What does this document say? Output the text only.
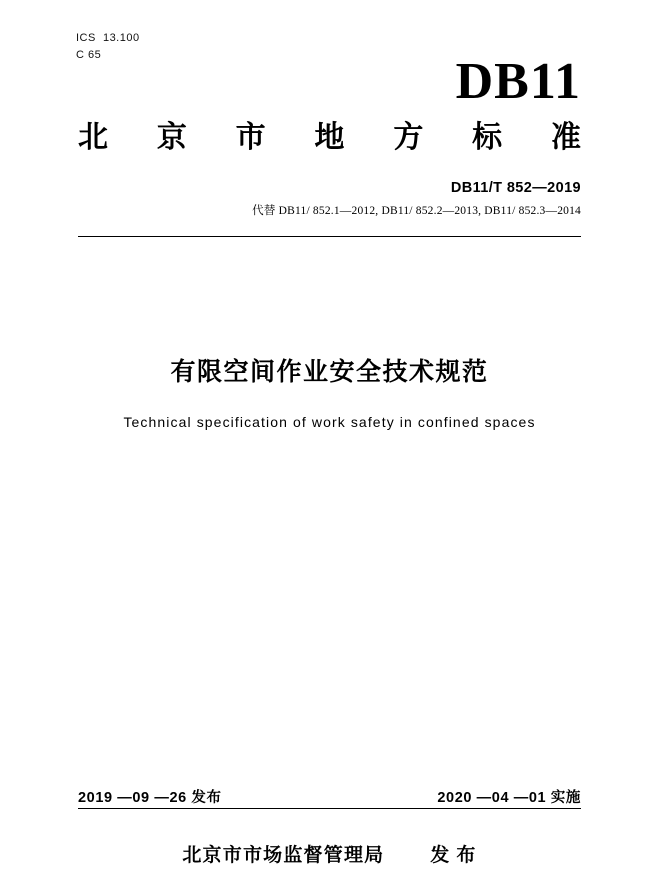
ICS  13.100
C 65	DB11
北 京 市 地 方 标 准
DB11/T 852—2019
代替 DB11/ 852.1—2012, DB11/ 852.2—2013, DB11/ 852.3—2014
有限空间作业安全技术规范
Technical specification of work safety in confined spaces
2019 —09 —26 发布	2020 —04 —01 实施
北京市市场监督管理局 发 布
